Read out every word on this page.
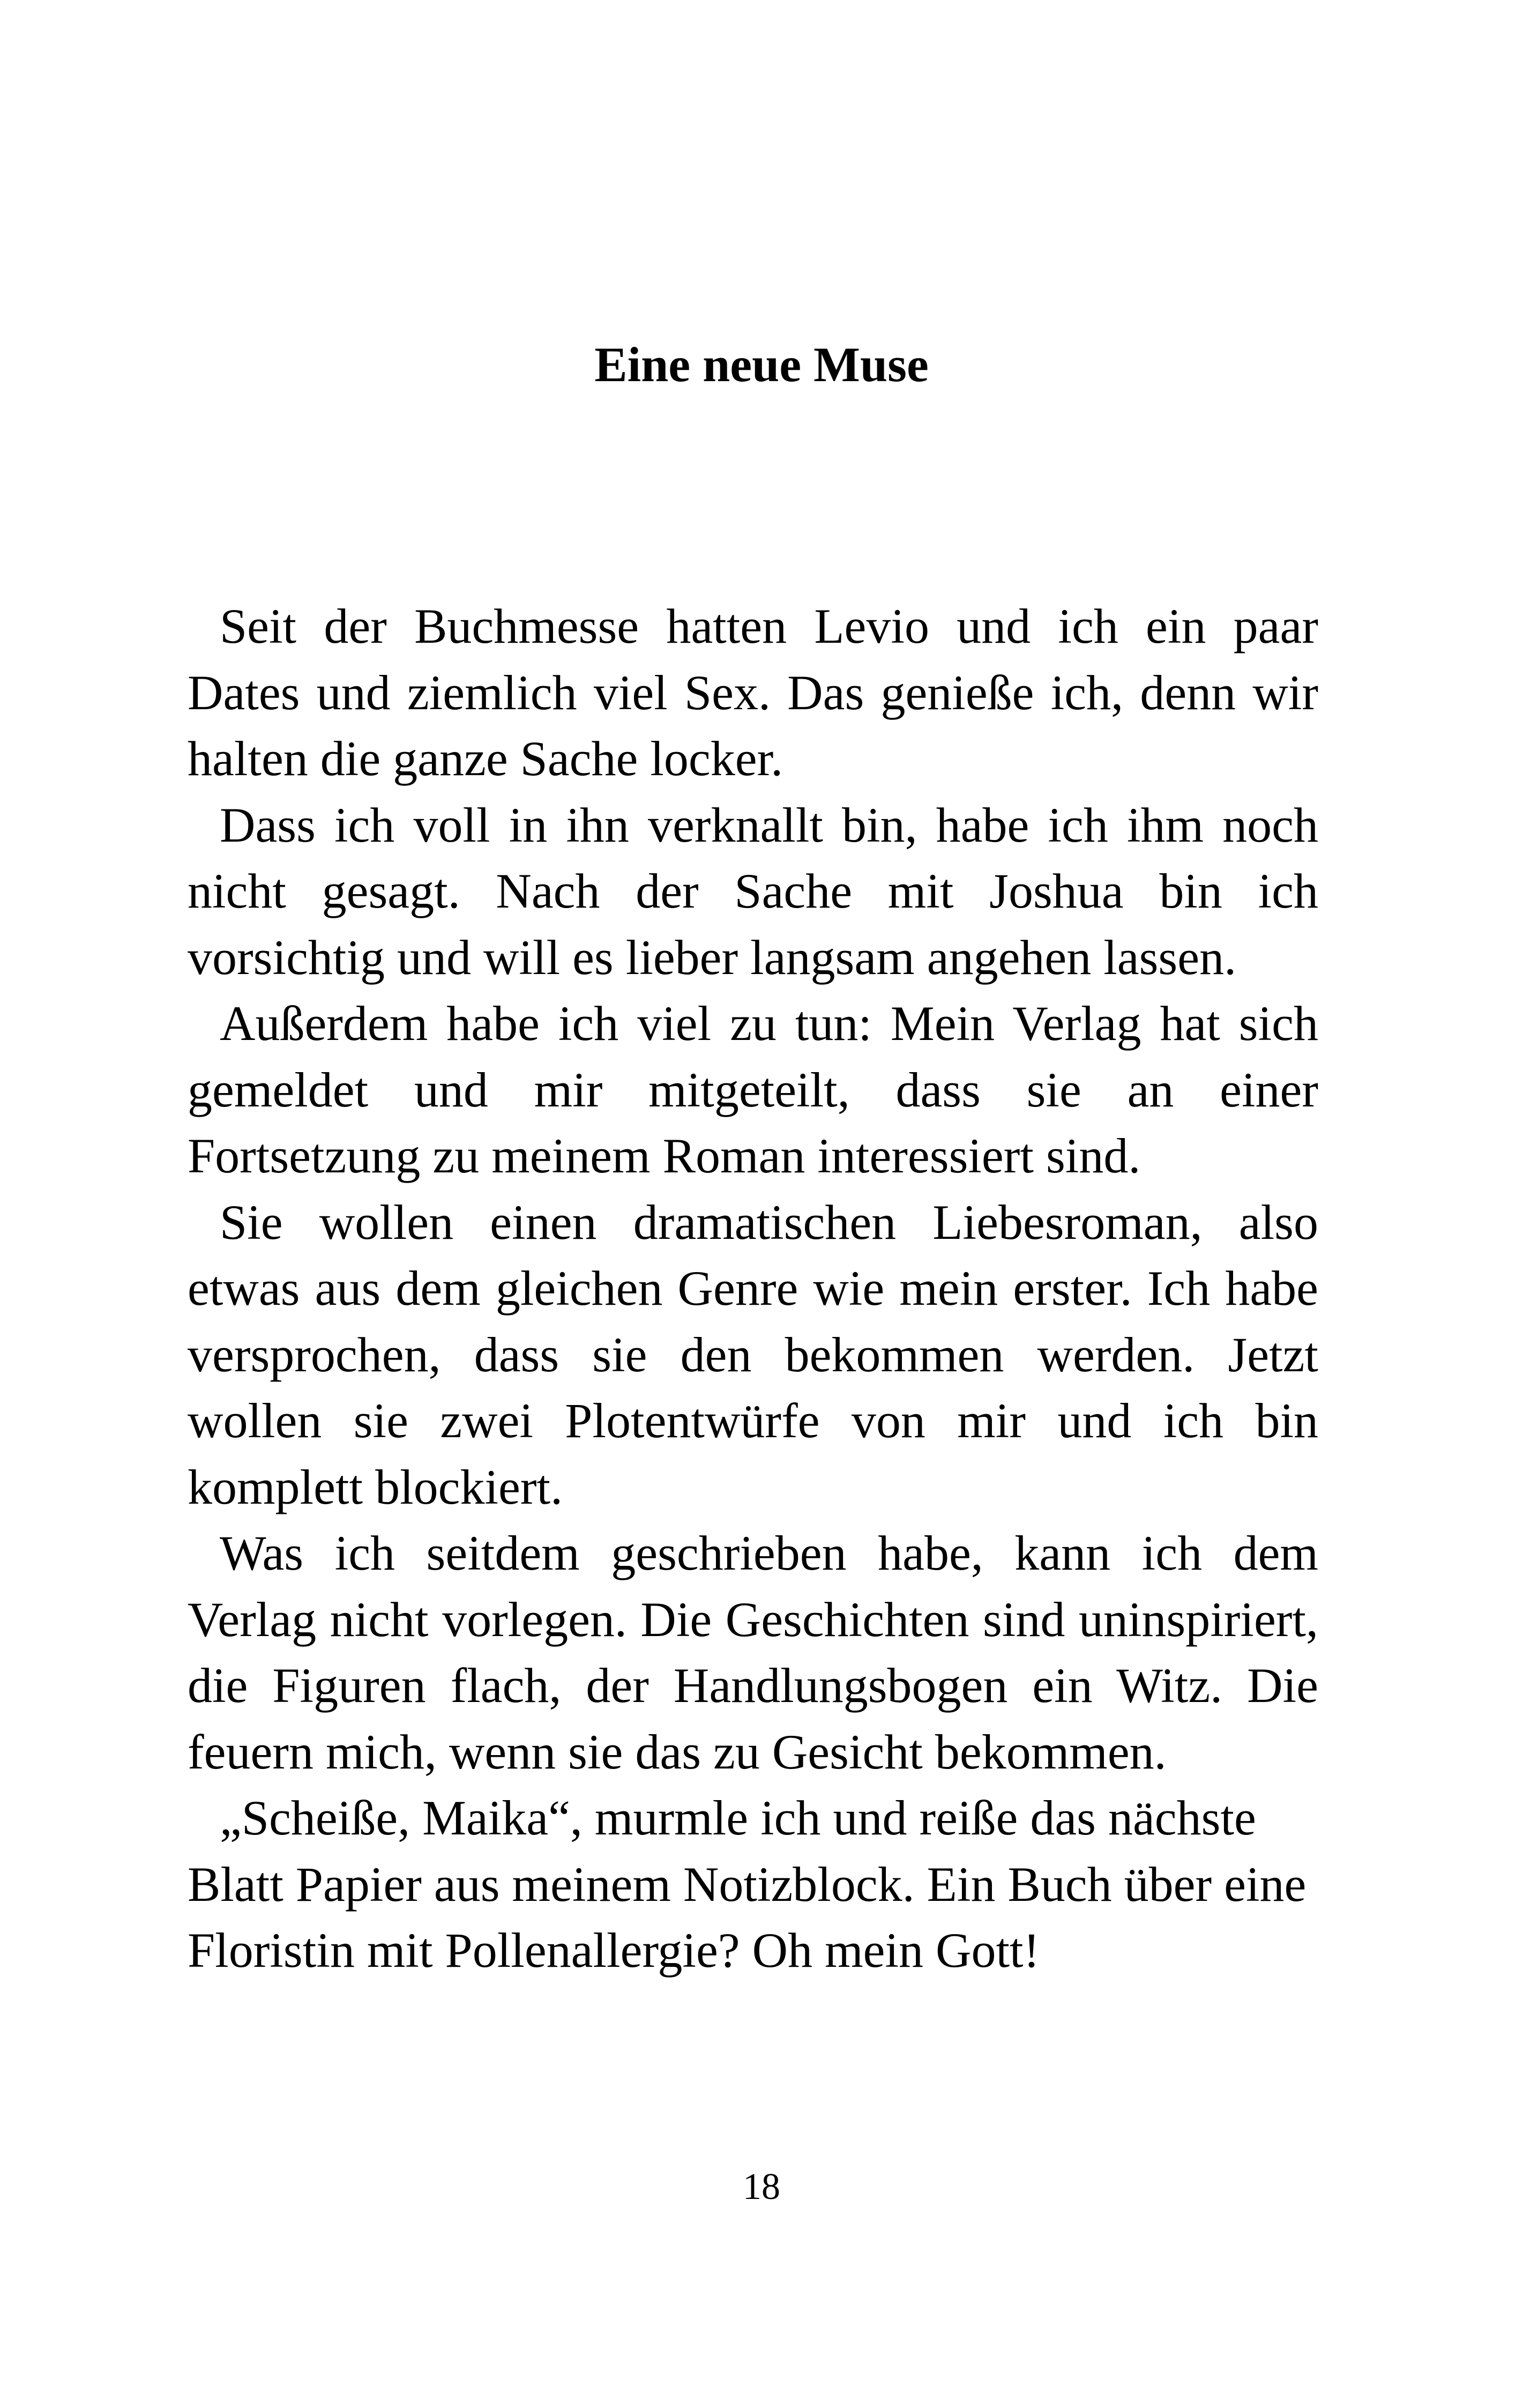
Eine neue Muse

Seit der Buchmesse hatten Levio und ich ein paar Dates und ziemlich viel Sex. Das genieße ich, denn wir halten die ganze Sache locker.

Dass ich voll in ihn verknallt bin, habe ich ihm noch nicht gesagt. Nach der Sache mit Joshua bin ich vorsichtig und will es lieber langsam angehen lassen.

Außerdem habe ich viel zu tun: Mein Verlag hat sich gemeldet und mir mitgeteilt, dass sie an einer Fortsetzung zu meinem Roman interessiert sind.

Sie wollen einen dramatischen Liebesroman, also etwas aus dem gleichen Genre wie mein erster. Ich habe versprochen, dass sie den bekommen werden. Jetzt wollen sie zwei Plotentwürfe von mir und ich bin komplett blockiert.

Was ich seitdem geschrieben habe, kann ich dem Verlag nicht vorlegen. Die Geschichten sind uninspiriert, die Figuren flach, der Handlungsbogen ein Witz. Die feuern mich, wenn sie das zu Gesicht bekommen.

„Scheiße, Maika“, murmle ich und reiße das nächste Blatt Papier aus meinem Notizblock. Ein Buch über eine Floristin mit Pollenallergie? Oh mein Gott!

18
